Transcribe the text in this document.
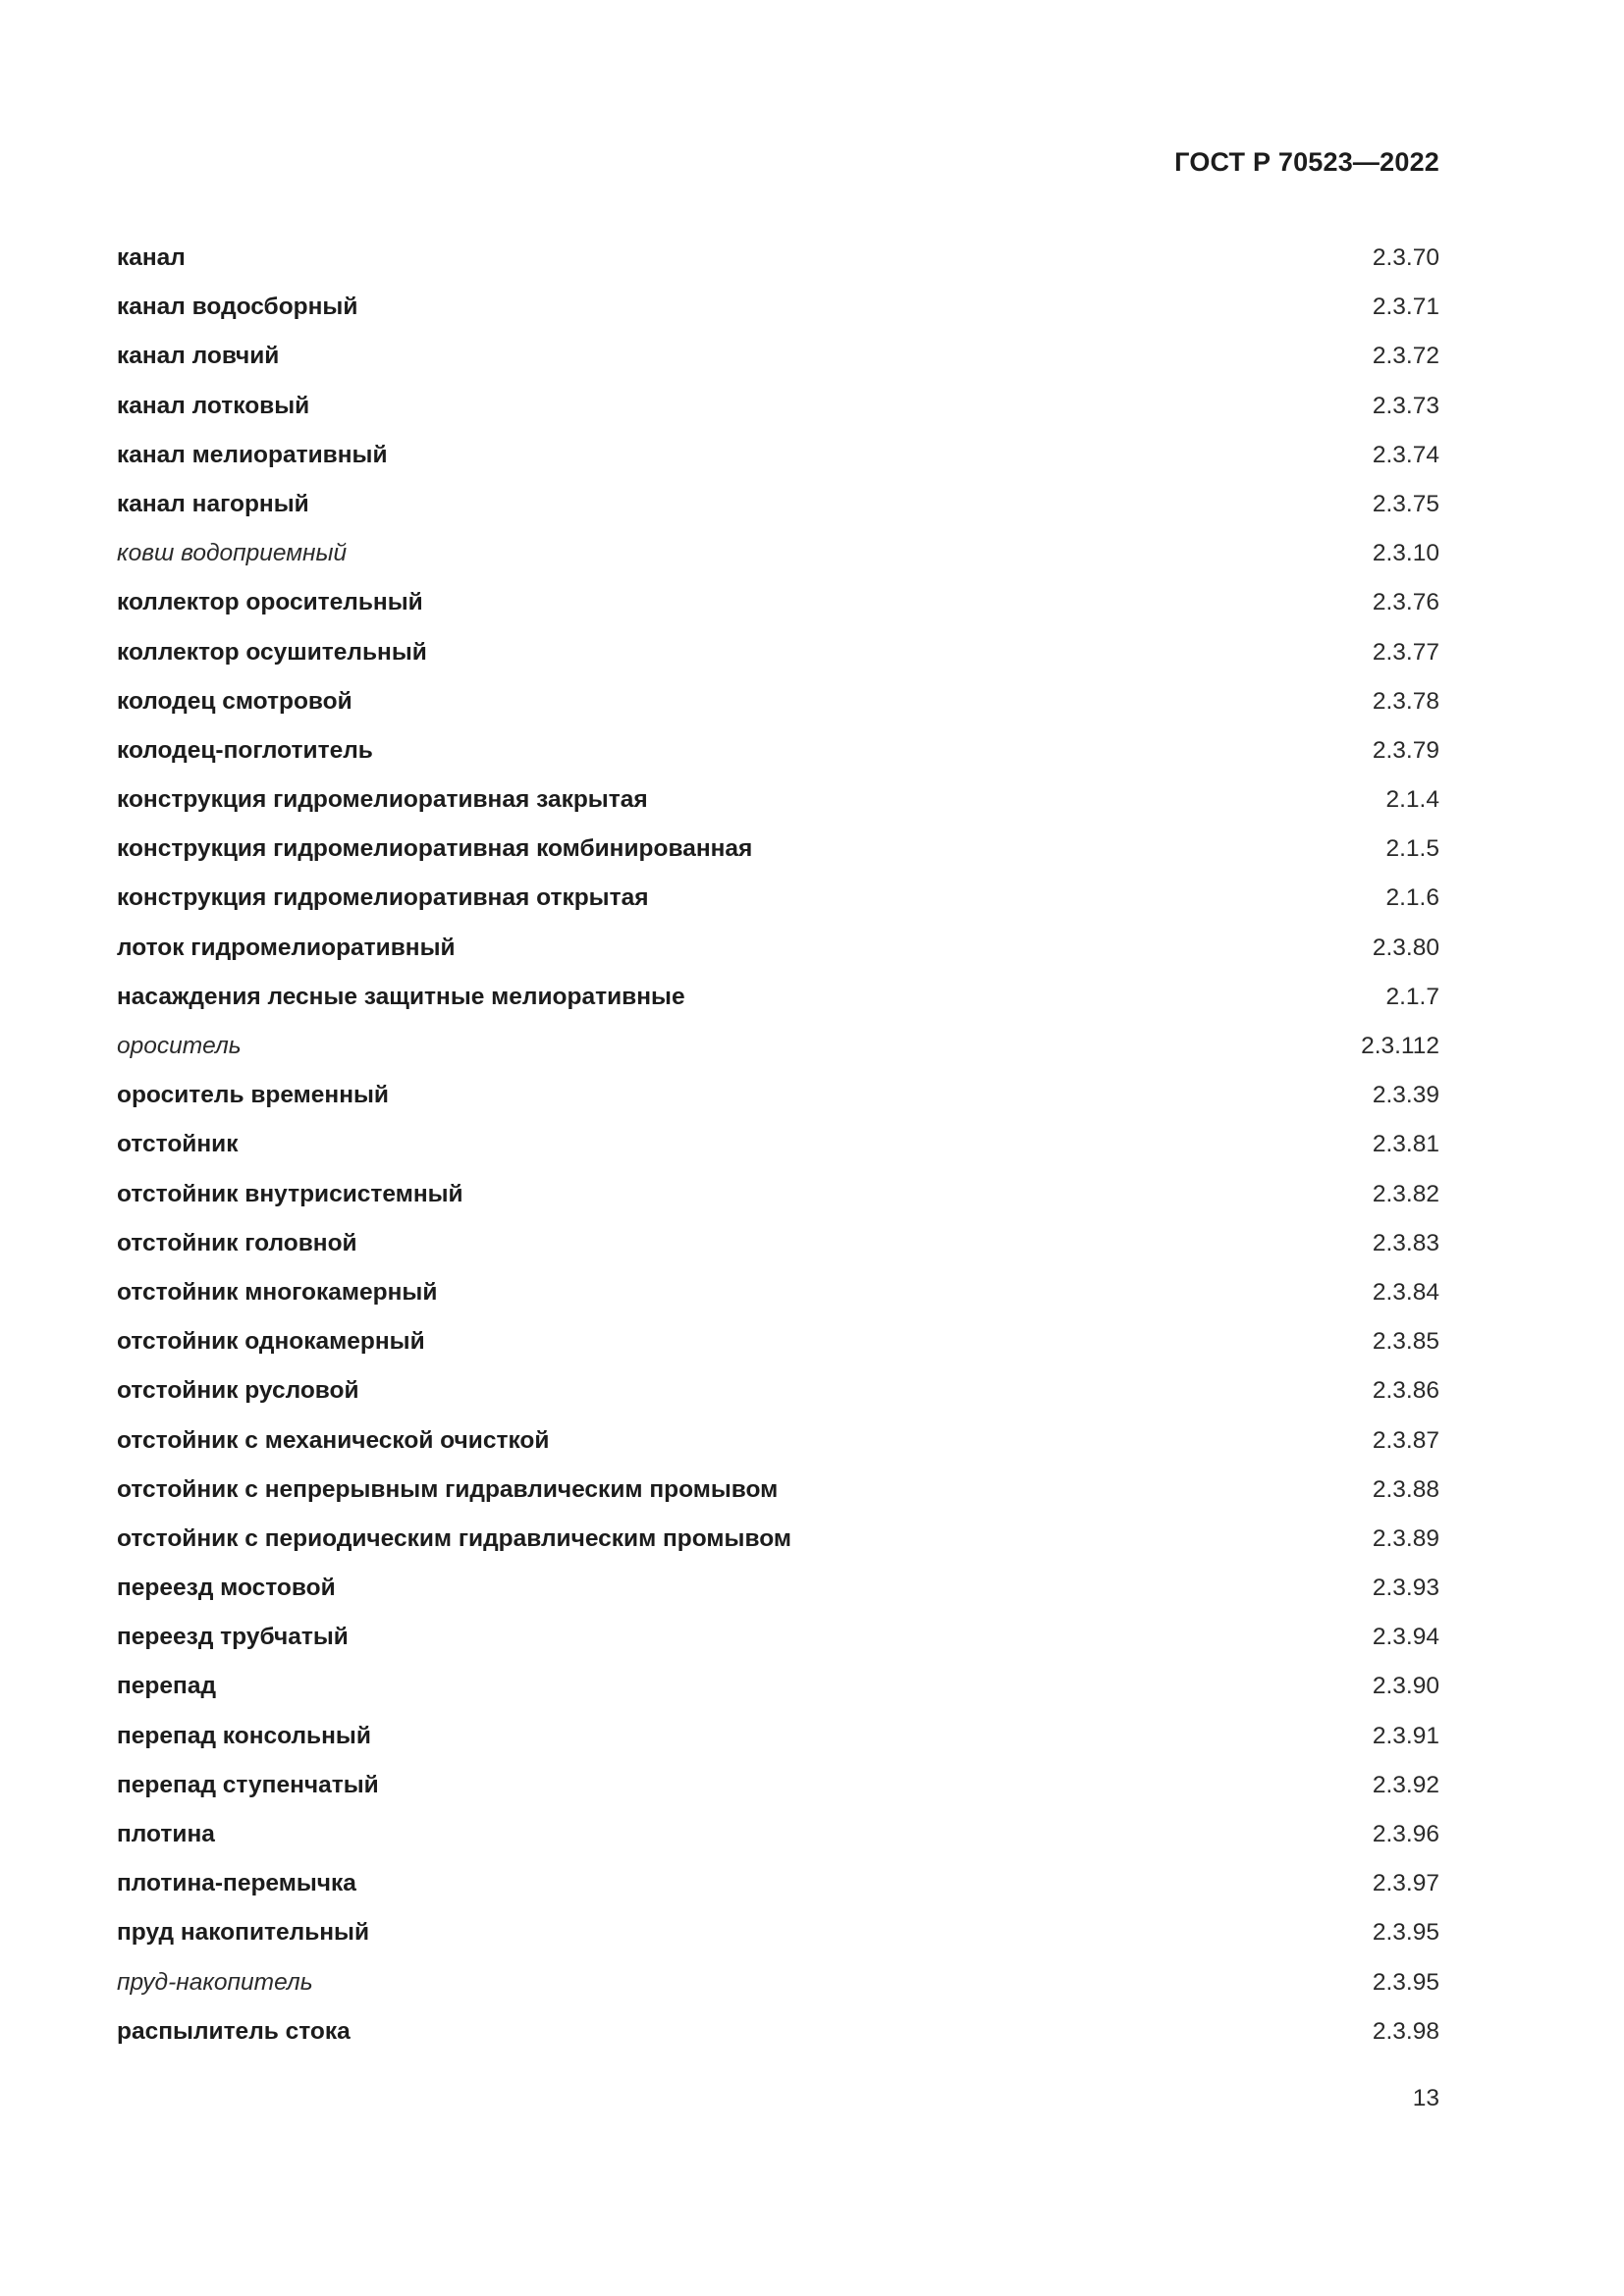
ГОСТ Р 70523—2022
канал	2.3.70
канал водосборный	2.3.71
канал ловчий	2.3.72
канал лотковый	2.3.73
канал мелиоративный	2.3.74
канал нагорный	2.3.75
ковш водоприемный	2.3.10
коллектор оросительный	2.3.76
коллектор осушительный	2.3.77
колодец смотровой	2.3.78
колодец-поглотитель	2.3.79
конструкция гидромелиоративная закрытая	2.1.4
конструкция гидромелиоративная комбинированная	2.1.5
конструкция гидромелиоративная открытая	2.1.6
лоток гидромелиоративный	2.3.80
насаждения лесные защитные мелиоративные	2.1.7
ороситель	2.3.112
ороситель временный	2.3.39
отстойник	2.3.81
отстойник внутрисистемный	2.3.82
отстойник головной	2.3.83
отстойник многокамерный	2.3.84
отстойник однокамерный	2.3.85
отстойник русловой	2.3.86
отстойник с механической очисткой	2.3.87
отстойник с непрерывным гидравлическим промывом	2.3.88
отстойник с периодическим гидравлическим промывом	2.3.89
переезд мостовой	2.3.93
переезд трубчатый	2.3.94
перепад	2.3.90
перепад консольный	2.3.91
перепад ступенчатый	2.3.92
плотина	2.3.96
плотина-перемычка	2.3.97
пруд накопительный	2.3.95
пруд-накопитель	2.3.95
распылитель стока	2.3.98
13
